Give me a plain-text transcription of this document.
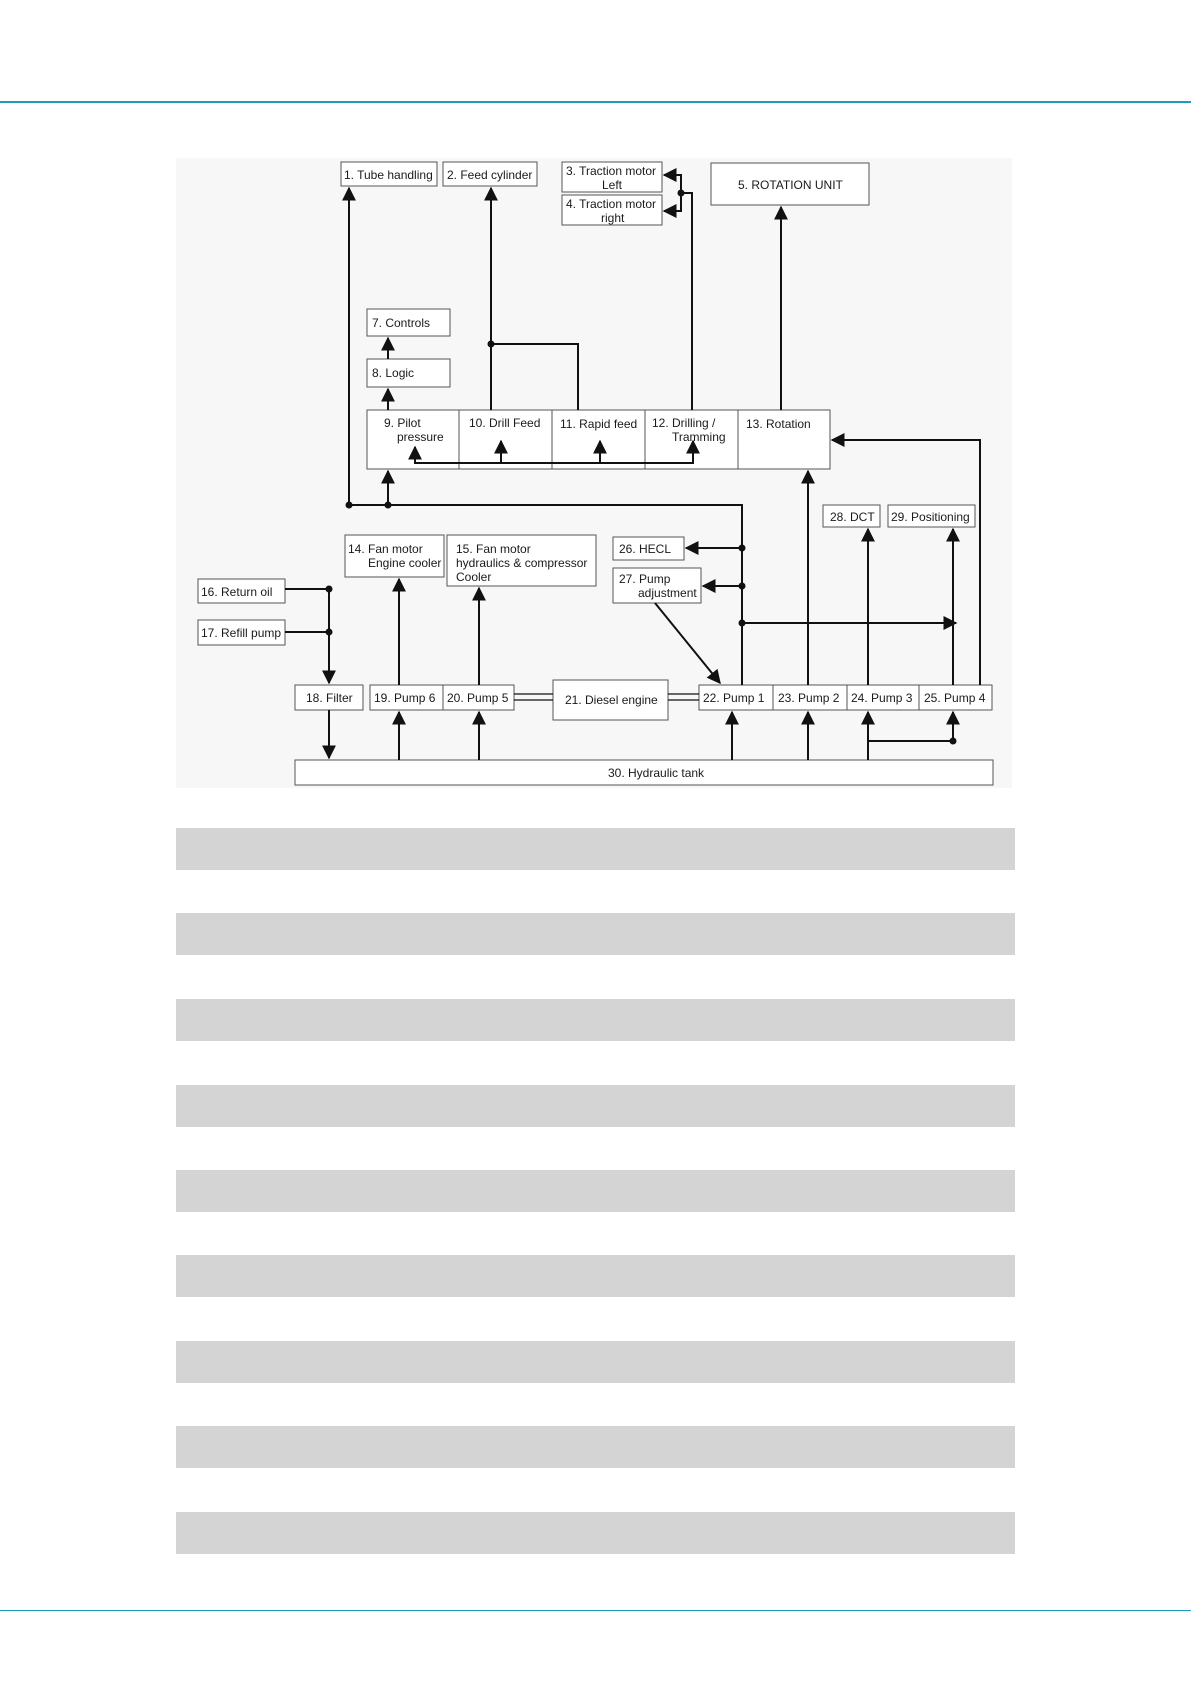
1. Tube handling 2. Feed cylinder	3. Traction motor
Left
4. Traction motor
right
5. ROTATION UNIT
7. Controls
8. Logic
9. Pilot
pressure
10. Drill Feed 11. Rapid feed 12. Drilling /
Tramming
13. Rotation
14. Fan motor
Engine cooler
15. Fan motor
hydraulics & compressor
Cooler
16. Return oil
17. Refill pump
26. HECL
27. Pump
adjustment
28. DCT 29. Positioning
18. Filter 19. Pump 6 20. Pump 5	21. Diesel engine	22. Pump 1 23. Pump 2 24. Pump 3 25. Pump 4
30. Hydraulic tank
